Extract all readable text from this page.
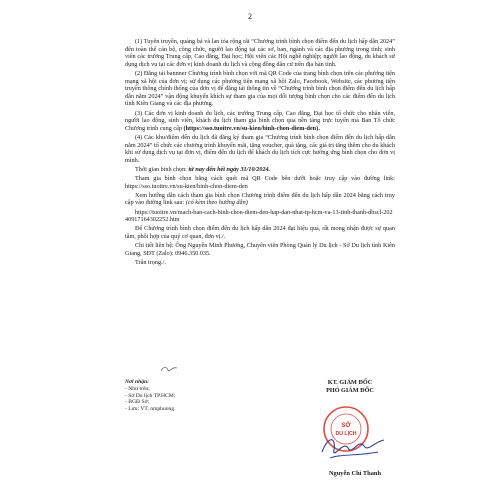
2

(1) Tuyên truyền, quảng bá và lan tỏa rộng rãi “Chương trình bình chọn điểm đến du lịch hấp dẫn 2024” đến toàn thể cán bộ, công chức, người lao động tại các sở, ban, ngành và các địa phương trong tỉnh; sinh viên các trường Trung cấp, Cao đẳng, Đại học; Hội viên các Hội nghề nghiệp; người lao động, du khách sử dụng dịch vụ tại các đơn vị kinh doanh du lịch và cộng đồng dân cư trên địa bàn tỉnh.

(2) Đăng tải bannner Chương trình bình chọn với mã QR Code của trang bình chọn trên các phương tiện mạng xã hội của đơn vị; sử dụng các phương tiện mạng xã hội Zalo, Facebook, Website, các phương tiện truyền thông chính thống của đơn vị để đăng tải thông tin về “Chương trình bình chọn điểm đến du lịch hấp dẫn năm 2024” vận động khuyến khích sự tham gia của mọi đối tượng bình chọn cho các điểm đến du lịch tỉnh Kiên Giang và các địa phương.

(3) Các đơn vị kinh doanh du lịch, các trường Trung cấp, Cao đẳng, Đại học tổ chức cho nhân viên, người lao động, sinh viên, khách du lịch tham gia bình chọn qua nền tảng trực tuyến mà Ban Tổ chức Chương trình cung cấp (https://sso.tuoitre.vn/su-kien/binh-chon-diem-den).

(4) Các khu/điểm đến du lịch đã đăng ký tham gia “Chương trình bình chọn điểm đến du lịch hấp dẫn năm 2024” tổ chức các chương trình khuyến mãi, tặng voucher, quà tặng, các giá trị tăng thêm cho du khách khi sử dụng dịch vụ tại đơn vị, điểm đến du lịch để khách du lịch tích cực hưởng ứng bình chọn cho đơn vị mình.

Thời gian bình chọn: từ nay đến hết ngày 31/10/2024.

Tham gia bình chọn bằng cách quét mã QR Code bên dưới hoặc truy cập vào đường link: https://sso.tuoitre.vn/su-kien/binh-chon-diem-den

Xem hướng dẫn cách tham gia bình chọn Chương trình điểm đến du lịch hấp dẫn 2024 bằng cách truy cập vào đường link sau: (có kèm theo hướng dẫn)

https://tuoitre.vn/mach-ban-cach-binh-chon-diem-den-hap-dan-nhat-tp-hcm-va-13-tinh-thanh-dbscl-20240917164302252.htm

Để Chương trình bình chọn điểm đến du lịch hấp dẫn 2024 đạt hiệu quả, rất mong nhận được sự quan tâm, phối hợp của quý cơ quan, đơn vị./.

Chi tiết liên hệ: Ông Nguyễn Minh Phương, Chuyên viên Phòng Quản lý Du lịch - Sở Du lịch tỉnh Kiên Giang, SĐT (Zalo): 0946.350.035.

Trân trọng./.

Nơi nhận:
- Như trên;
- Sở Du lịch TP.HCM;
- BGĐ Sở;
- Lưu: VT, nmphuong.
KT. GIÁM ĐỐC
PHÓ GIÁM ĐỐC
SỞ
DU LỊCH
Nguyễn Chí Thanh
